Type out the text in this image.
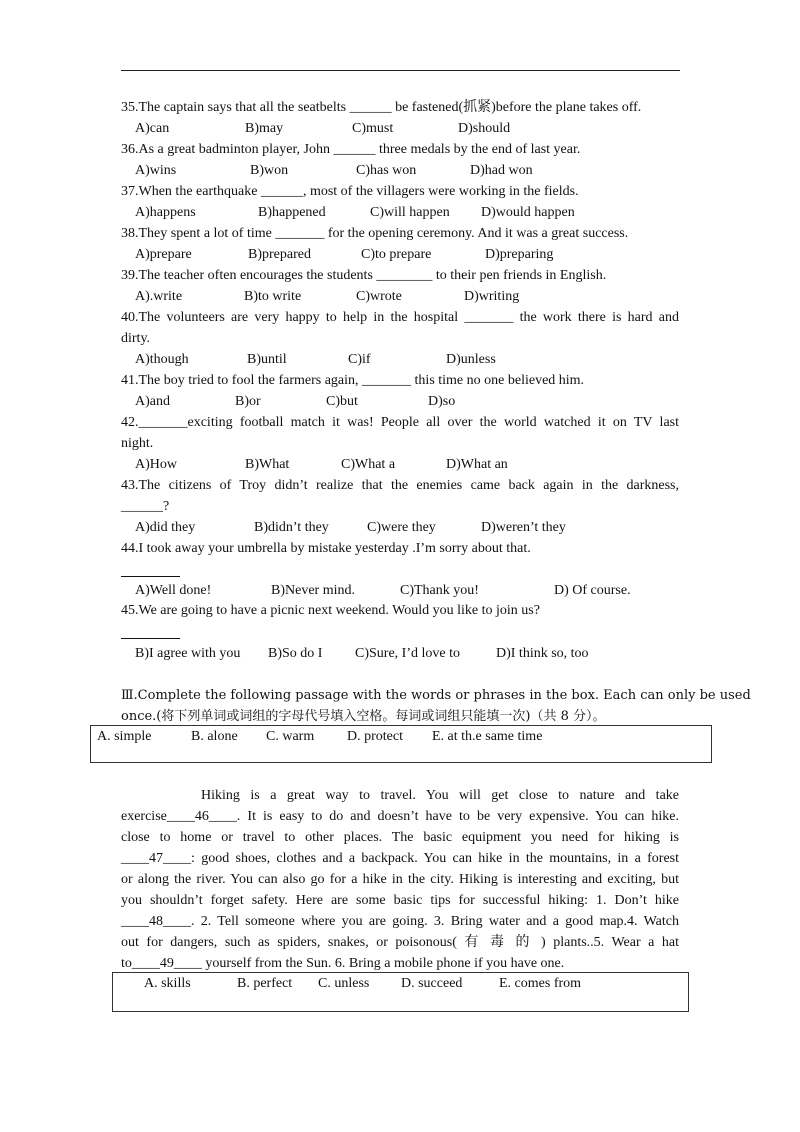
35.The captain says that all the seatbelts ______ be fastened(抓紧)before the plane takes off.
A)can	B)may	C)must	D)should
36.As a great badminton player, John ______ three medals by the end of last year.
A)wins	B)won	C)has won	D)had won
37.When the earthquake ______, most of the villagers were working in the fields.
A)happens	B)happened	C)will happen D)would happen
38.They spent a lot of time _______ for the opening ceremony. And it was a great success.
A)prepare	B)prepared	C)to prepare	D)preparing
39.The teacher often encourages the students ________ to their pen friends in English.
A).write	B)to write	C)wrote	D)writing
40.The volunteers are very happy to help in the hospital _______ the work there is hard and
dirty.
A)though	B)until	C)if	D)unless
41.The boy tried to fool the farmers again, _______ this time no one believed him.
A)and	B)or	C)but	D)so
42._______exciting football match it was! People all over the world watched it on TV last
night.
A)How	B)What	C)What a	D)What an
43.The citizens of Troy didn’t realize that the enemies came back again in the darkness,
______?
A)did they	B)didn’t they	C)were they	D)weren’t they
44.I took away your umbrella by mistake yesterday .I’m sorry about that.
A)Well done!	B)Never mind.	C)Thank you!	D) Of course.
45.We are going to have a picnic next weekend. Would you like to join us?
B)I agree with you B)So do I C)Sure, I’d love to	D)I think so, too
Ⅲ.Complete the following passage with the words or phrases in the box. Each can only be used
once.(将下列单词或词组的字母代号填入空格。每词或词组只能填一次)（共 8 分）。
A. simple	B. alone C. warm D. protect E. at th.e same time
Hiking is a great way to travel. You will get close to nature and take
exercise____46____. It is easy to do and doesn’t have to be very expensive. You can hike.
close to home or travel to other places. The basic equipment you need for hiking is
____47____: good shoes, clothes and a backpack. You can hike in the mountains, in a forest
or along the river. You can also go for a hike in the city. Hiking is interesting and exciting, but
you shouldn’t forget safety. Here are some basic tips for successful hiking: 1. Don’t hike
____48____. 2. Tell someone where you are going. 3. Bring water and a good map.4. Watch
out for dangers, such as spiders, snakes, or poisonous( 有 毒 的 ) plants..5. Wear a hat
to____49____ yourself from the Sun. 6. Bring a mobile phone if you have one.
A. skills	B. perfect C. unless D. succeed	E. comes from
